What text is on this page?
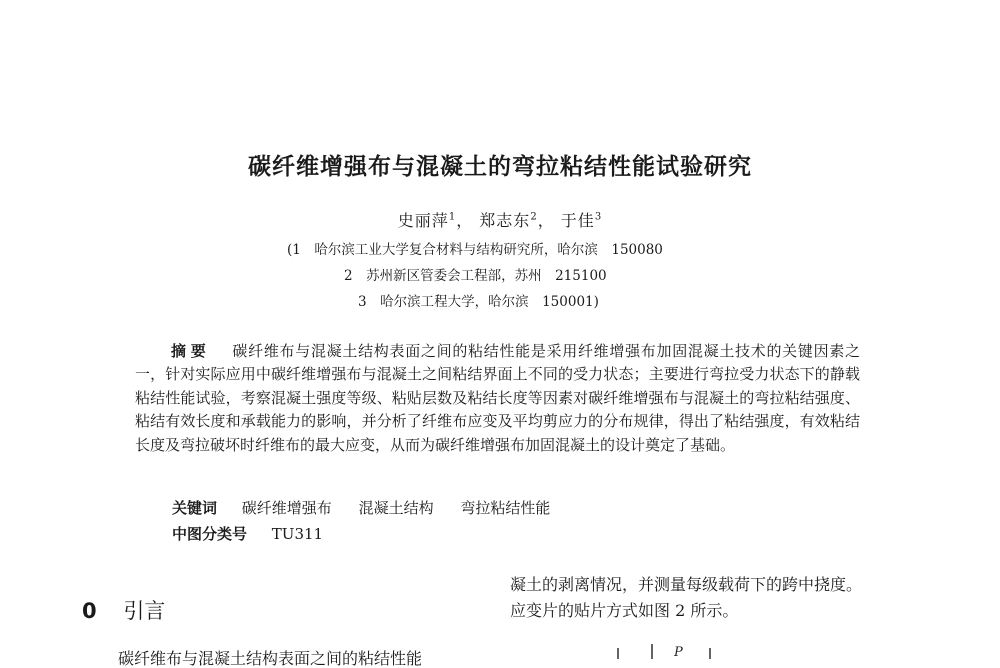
碳纤维增强布与混凝土的弯拉粘结性能试验研究
史丽萍$^1$， 郑志东$^2$， 于佳$^3$
(1　哈尔滨工业大学复合材料与结构研究所，哈尔滨　150080
2　苏州新区管委会工程部，苏州　215100
3　哈尔滨工程大学，哈尔滨　150001)
摘要 碳纤维布与混凝土结构表面之间的粘结性能是采用纤维增强布加固混凝土技术的关键因素之一，针对实际应用中碳纤维增强布与混凝土之间粘结界面上不同的受力状态；主要进行弯拉受力状态下的静载粘结性能试验，考察混凝土强度等级、粘贴层数及粘结长度等因素对碳纤维增强布与混凝土的弯拉粘结强度、粘结有效长度和承载能力的影响，并分析了纤维布应变及平均剪应力的分布规律，得出了粘结强度，有效粘结长度及弯拉破坏时纤维布的最大应变，从而为碳纤维增强布加固混凝土的设计奠定了基础。
关键词 碳纤维增强布 混凝土结构 弯拉粘结性能
中图分类号 TU311
0 引言
凝土的剥离情况，并测量每级载荷下的跨中挠度。
应变片的贴片方式如图 2 所示。
碳纤维布与混凝土结构表面之间的粘结性能	P
